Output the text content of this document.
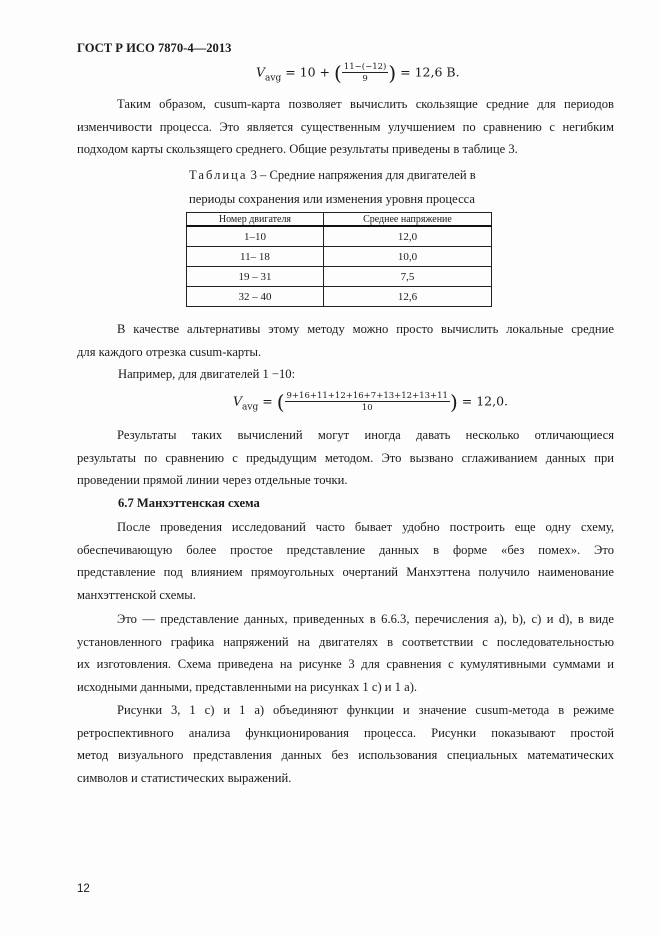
ГОСТ Р ИСО 7870-4—2013
$V_{avg} = 10$ + ( $\frac{11-(-12)}{9}$ ) = 12,6 В.
Таким образом, cusum-карта позволяет вычислить скользящие средние для периодов
изменчивости процесса. Это является существенным улучшением по сравнению с негибким
подходом карты скользящего среднего. Общие результаты приведены в таблице 3.
Таблица 3 – Средние напряжения для двигателей в
периоды сохранения или изменения уровня процесса
Номер двигателя	Среднее напряжение
1–10	12,0
11– 18	10,0
19 – 31	7,5
32 – 40	12,6
В качестве альтернативы этому методу можно просто вычислить локальные средние
для каждого отрезка cusum-карты.
Например, для двигателей 1 −10:
$V_{avg}$ = ( $\frac{9+16+11+12+16+7+13+12+13+11}{10}$ ) = 12,0.
Результаты таких вычислений могут иногда давать несколько отличающиеся
результаты по сравнению с предыдущим методом. Это вызвано сглаживанием данных при
проведении прямой линии через отдельные точки.
6.7 Манхэттенская схема
После проведения исследований часто бывает удобно построить еще одну схему,
обеспечивающую более простое представление данных в форме «без помех». Это
представление под влиянием прямоугольных очертаний Манхэттена получило наименование
манхэттенской схемы.
Это — представление данных, приведенных в 6.6.3, перечисления a), b), c) и d), в виде
установленного графика напряжений на двигателях в соответствии с последовательностью
их изготовления. Схема приведена на рисунке 3 для сравнения с кумулятивными суммами и
исходными данными, представленными на рисунках 1 c) и 1 a).
Рисунки 3, 1 c) и 1 a) объединяют функции и значение cusum-метода в режиме
ретроспективного анализа функционирования процесса. Рисунки показывают простой
метод визуального представления данных без использования специальных математических
символов и статистических выражений.
12
